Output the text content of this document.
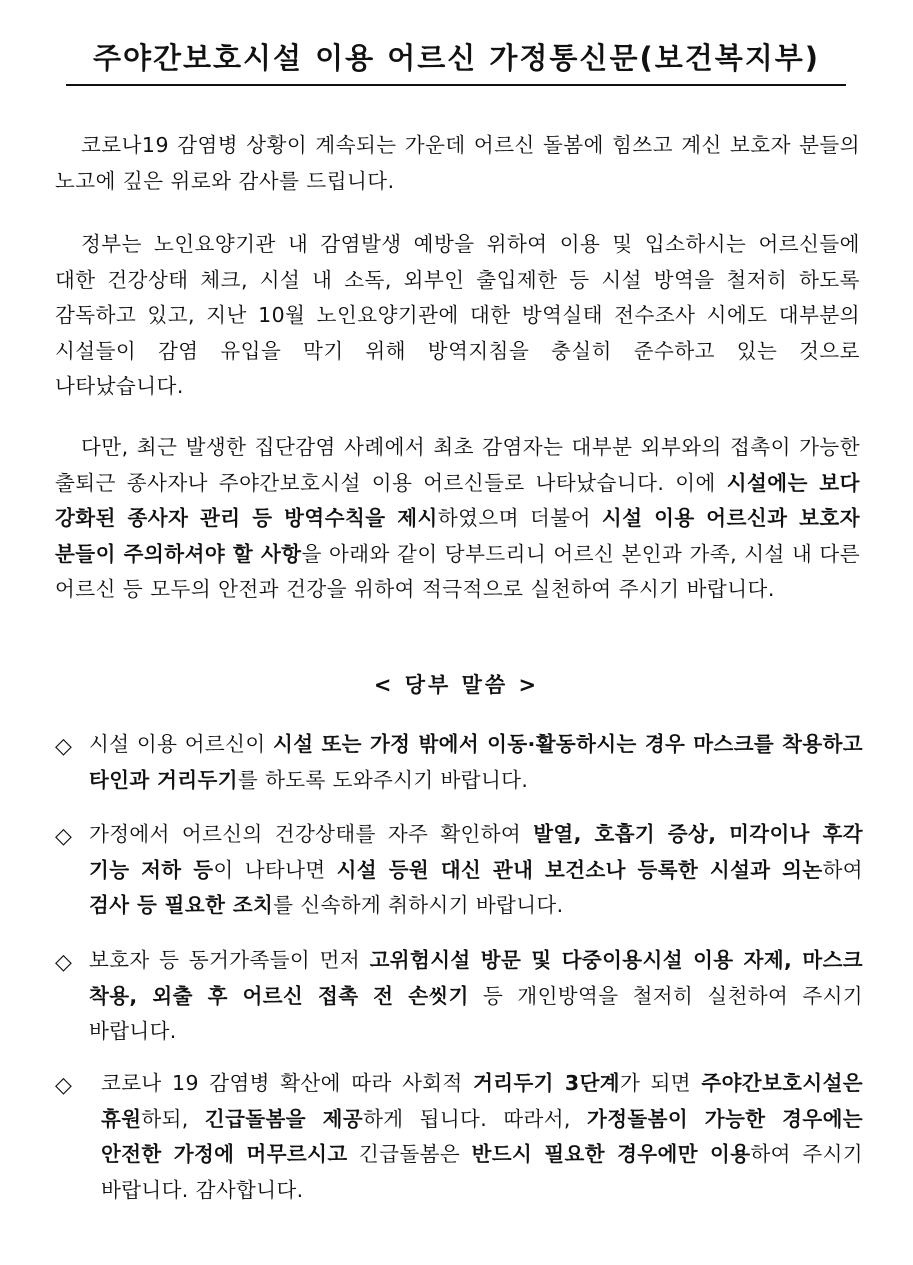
주야간보호시설 이용 어르신 가정통신문(보건복지부)
코로나19 감염병 상황이 계속되는 가운데 어르신 돌봄에 힘쓰고 계신 보호자 분들의 노고에 깊은 위로와 감사를 드립니다.
정부는 노인요양기관 내 감염발생 예방을 위하여 이용 및 입소하시는 어르신들에 대한 건강상태 체크, 시설 내 소독, 외부인 출입제한 등 시설 방역을 철저히 하도록 감독하고 있고, 지난 10월 노인요양기관에 대한 방역실태 전수조사 시에도 대부분의 시설들이 감염 유입을 막기 위해 방역지침을 충실히 준수하고 있는 것으로 나타났습니다.
다만, 최근 발생한 집단감염 사례에서 최초 감염자는 대부분 외부와의 접촉이 가능한 출퇴근 종사자나 주야간보호시설 이용 어르신들로 나타났습니다. 이에 시설에는 보다 강화된 종사자 관리 등 방역수칙을 제시하였으며 더불어 시설 이용 어르신과 보호자 분들이 주의하셔야 할 사항을 아래와 같이 당부드리니 어르신 본인과 가족, 시설 내 다른 어르신 등 모두의 안전과 건강을 위하여 적극적으로 실천하여 주시기 바랍니다.
< 당부 말씀 >
◇ 시설 이용 어르신이 시설 또는 가정 밖에서 이동·활동하시는 경우 마스크를 착용하고 타인과 거리두기를 하도록 도와주시기 바랍니다.
◇ 가정에서 어르신의 건강상태를 자주 확인하여 발열, 호흡기 증상, 미각이나 후각 기능 저하 등이 나타나면 시설 등원 대신 관내 보건소나 등록한 시설과 의논하여 검사 등 필요한 조치를 신속하게 취하시기 바랍니다.
◇ 보호자 등 동거가족들이 먼저 고위험시설 방문 및 다중이용시설 이용 자제, 마스크 착용, 외출 후 어르신 접촉 전 손씻기 등 개인방역을 철저히 실천하여 주시기 바랍니다.
◇	코로나 19 감염병 확산에 따라 사회적 거리두기 3단계가 되면 주야간보호시설은 휴원하되, 긴급돌봄을 제공하게 됩니다. 따라서, 가정돌봄이 가능한 경우에는 안전한 가정에 머무르시고 긴급돌봄은 반드시 필요한 경우에만 이용하여 주시기 바랍니다. 감사합니다.
